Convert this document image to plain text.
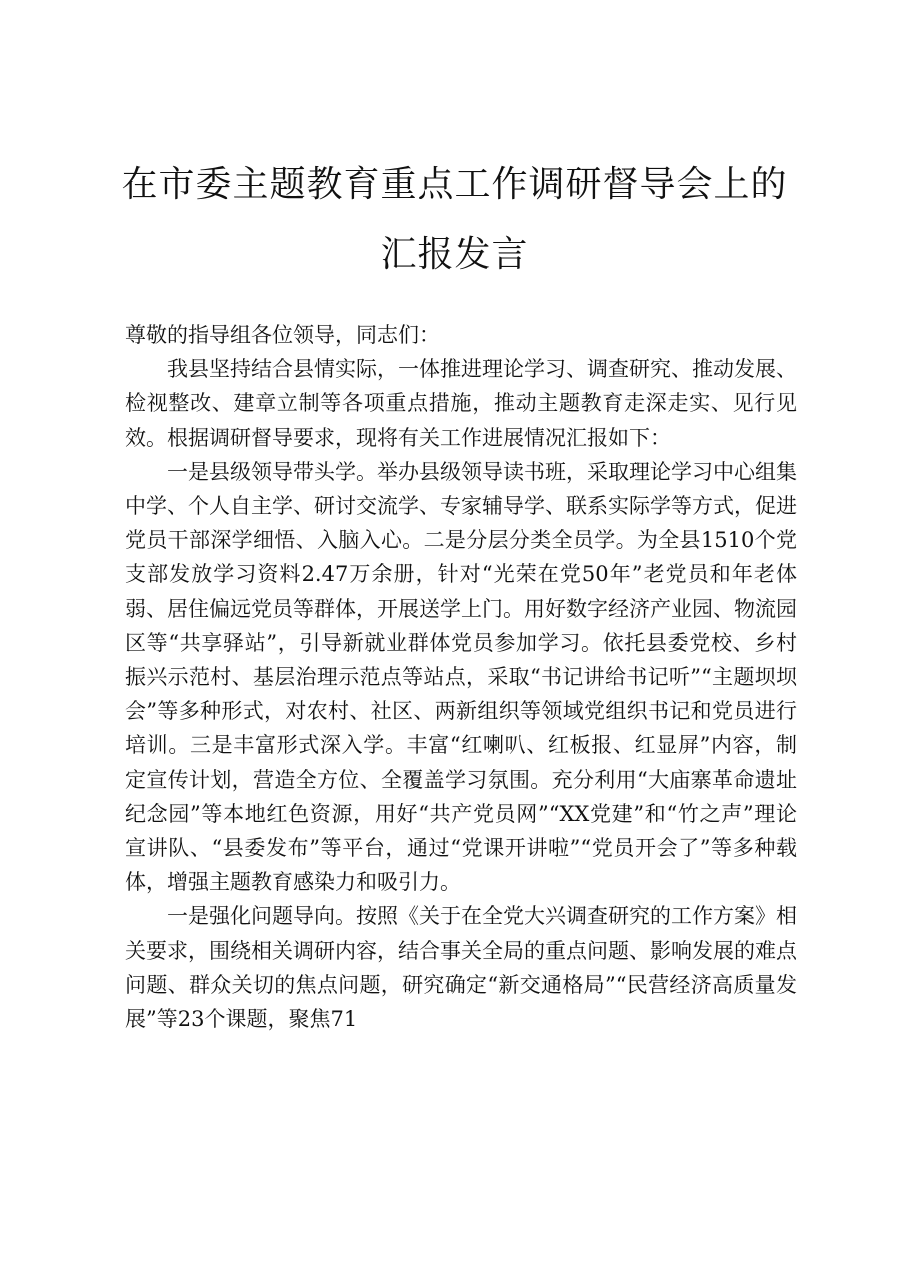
在市委主题教育重点工作调研督导会上的汇报发言

尊敬的指导组各位领导，同志们：

我县坚持结合县情实际，一体推进理论学习、调查研究、推动发展、检视整改、建章立制等各项重点措施，推动主题教育走深走实、见行见效。根据调研督导要求，现将有关工作进展情况汇报如下：

一是县级领导带头学。举办县级领导读书班，采取理论学习中心组集中学、个人自主学、研讨交流学、专家辅导学、联系实际学等方式，促进党员干部深学细悟、入脑入心。二是分层分类全员学。为全县1510个党支部发放学习资料2.47万余册，针对“光荣在党50年”老党员和年老体弱、居住偏远党员等群体，开展送学上门。用好数字经济产业园、物流园区等“共享驿站”，引导新就业群体党员参加学习。依托县委党校、乡村振兴示范村、基层治理示范点等站点，采取“书记讲给书记听”“主题坝坝会”等多种形式，对农村、社区、两新组织等领域党组织书记和党员进行培训。三是丰富形式深入学。丰富“红喇叭、红板报、红显屏”内容，制定宣传计划，营造全方位、全覆盖学习氛围。充分利用“大庙寨革命遗址纪念园”等本地红色资源，用好“共产党员网”“XX党建”和“竹之声”理论宣讲队、“县委发布”等平台，通过“党课开讲啦”“党员开会了”等多种载体，增强主题教育感染力和吸引力。

一是强化问题导向。按照《关于在全党大兴调查研究的工作方案》相关要求，围绕相关调研内容，结合事关全局的重点问题、影响发展的难点问题、群众关切的焦点问题，研究确定“新交通格局”“民营经济高质量发展”等23个课题，聚焦71
